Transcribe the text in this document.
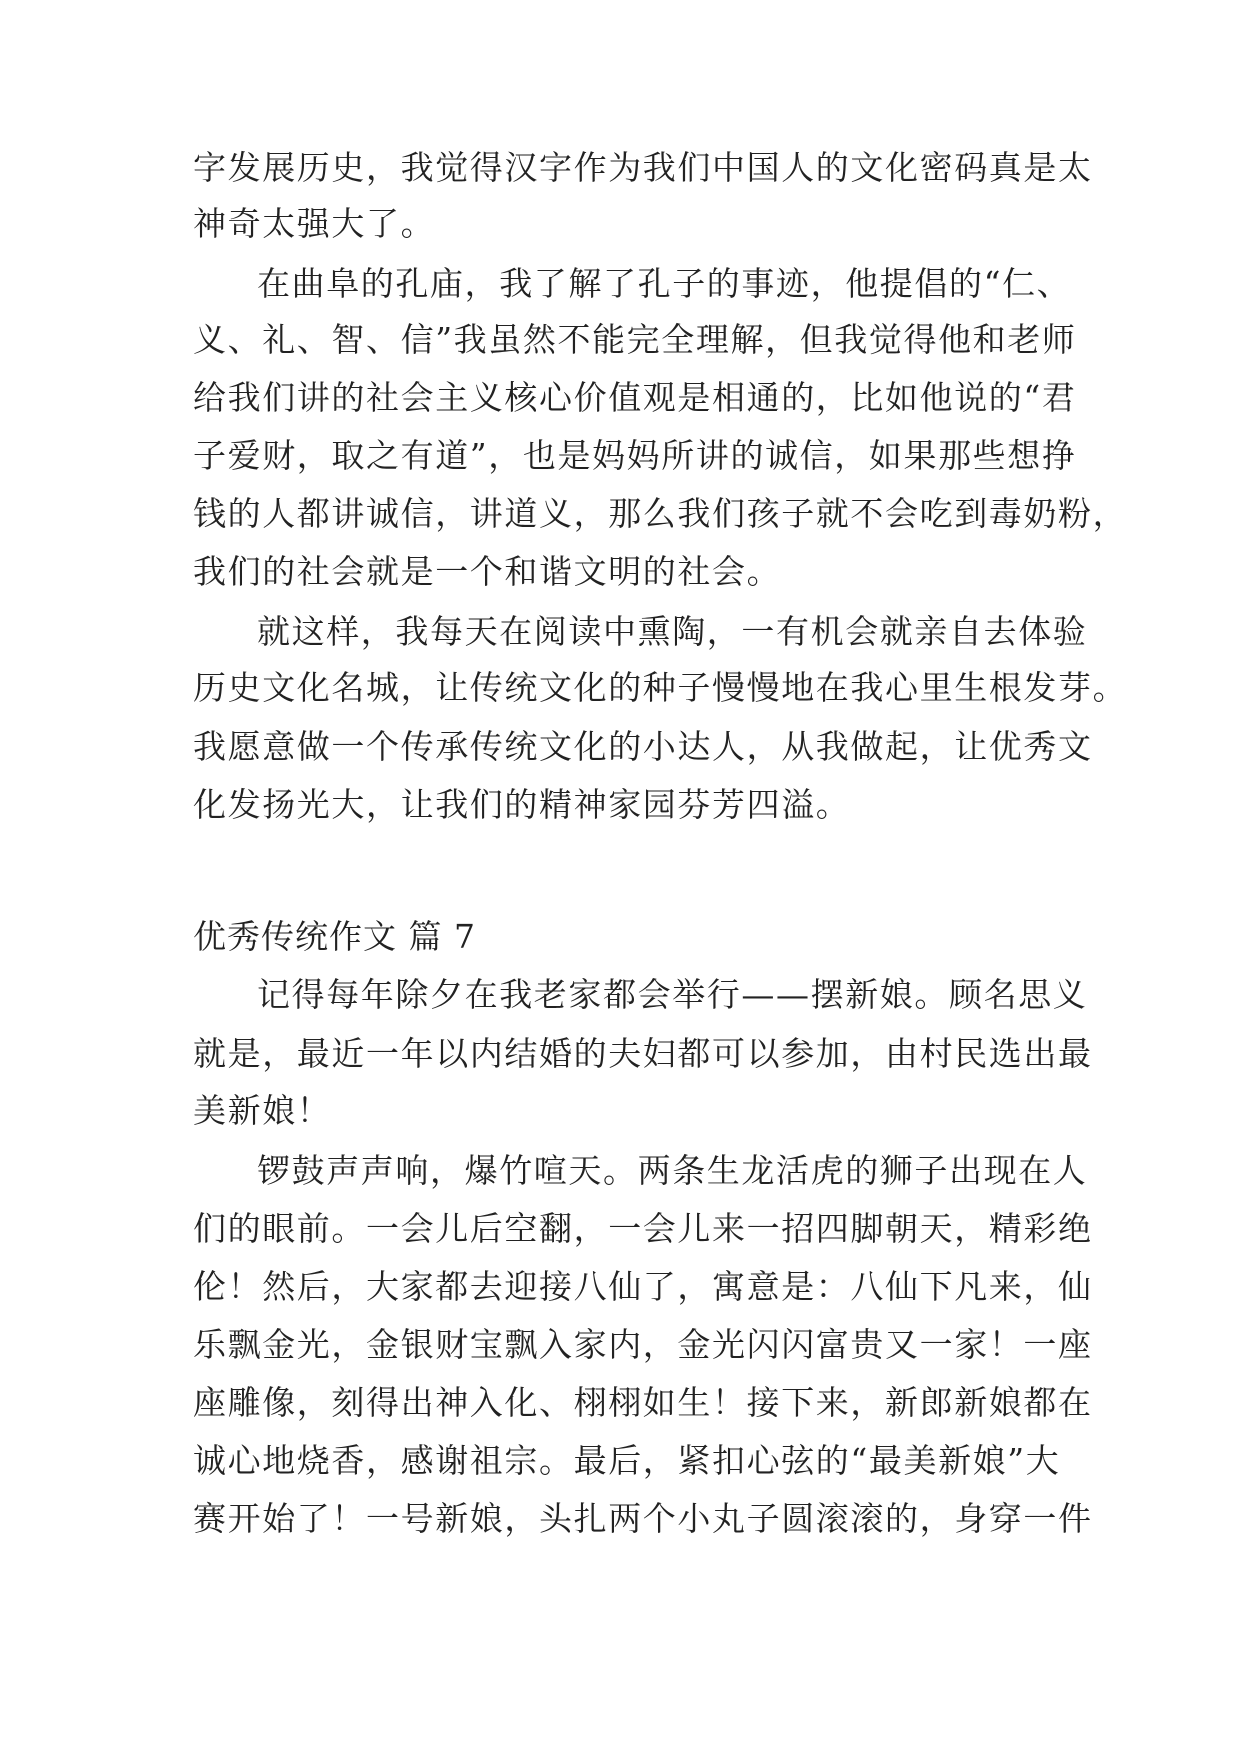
字发展历史，我觉得汉字作为我们中国人的文化密码真是太
神奇太强大了。
在曲阜的孔庙，我了解了孔子的事迹，他提倡的“仁、
义、礼、智、信”我虽然不能完全理解，但我觉得他和老师
给我们讲的社会主义核心价值观是相通的，比如他说的“君
子爱财，取之有道”，也是妈妈所讲的诚信，如果那些想挣
钱的人都讲诚信，讲道义，那么我们孩子就不会吃到毒奶粉，
我们的社会就是一个和谐文明的社会。
就这样，我每天在阅读中熏陶，一有机会就亲自去体验
历史文化名城，让传统文化的种子慢慢地在我心里生根发芽。
我愿意做一个传承传统文化的小达人，从我做起，让优秀文
化发扬光大，让我们的精神家园芬芳四溢。
优秀传统作文 篇 7
记得每年除夕在我老家都会举行——摆新娘。顾名思义
就是，最近一年以内结婚的夫妇都可以参加，由村民选出最
美新娘！
锣鼓声声响，爆竹喧天。两条生龙活虎的狮子出现在人
们的眼前。一会儿后空翻，一会儿来一招四脚朝天，精彩绝
伦！然后，大家都去迎接八仙了，寓意是：八仙下凡来，仙
乐飘金光，金银财宝飘入家内，金光闪闪富贵又一家！一座
座雕像，刻得出神入化、栩栩如生！接下来，新郎新娘都在
诚心地烧香，感谢祖宗。最后，紧扣心弦的“最美新娘”大
赛开始了！一号新娘，头扎两个小丸子圆滚滚的，身穿一件
